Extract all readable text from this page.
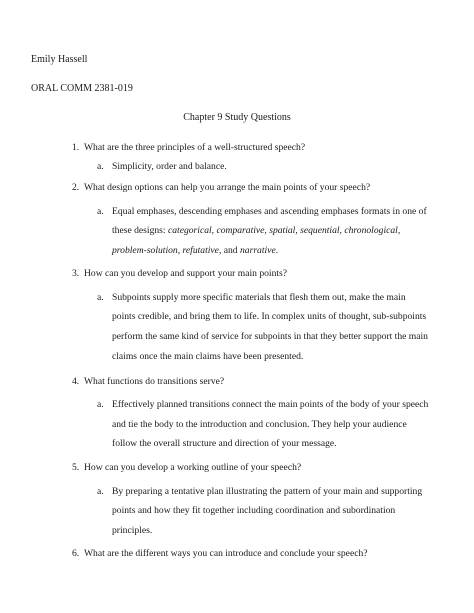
Emily Hassell
ORAL COMM 2381-019
Chapter 9 Study Questions
1. What are the three principles of a well-structured speech?
a. Simplicity, order and balance.
2. What design options can help you arrange the main points of your speech?
a. Equal emphases, descending emphases and ascending emphases formats in one of
these designs: categorical, comparative, spatial, sequential, chronological,
problem-solution, refutative, and narrative.
3. How can you develop and support your main points?
a. Subpoints supply more specific materials that flesh them out, make the main
points credible, and bring them to life. In complex units of thought, sub-subpoints
perform the same kind of service for subpoints in that they better support the main
claims once the main claims have been presented.
4. What functions do transitions serve?
a. Effectively planned transitions connect the main points of the body of your speech
and tie the body to the introduction and conclusion. They help your audience
follow the overall structure and direction of your message.
5. How can you develop a working outline of your speech?
a. By preparing a tentative plan illustrating the pattern of your main and supporting
points and how they fit together including coordination and subordination
principles.
6. What are the different ways you can introduce and conclude your speech?
